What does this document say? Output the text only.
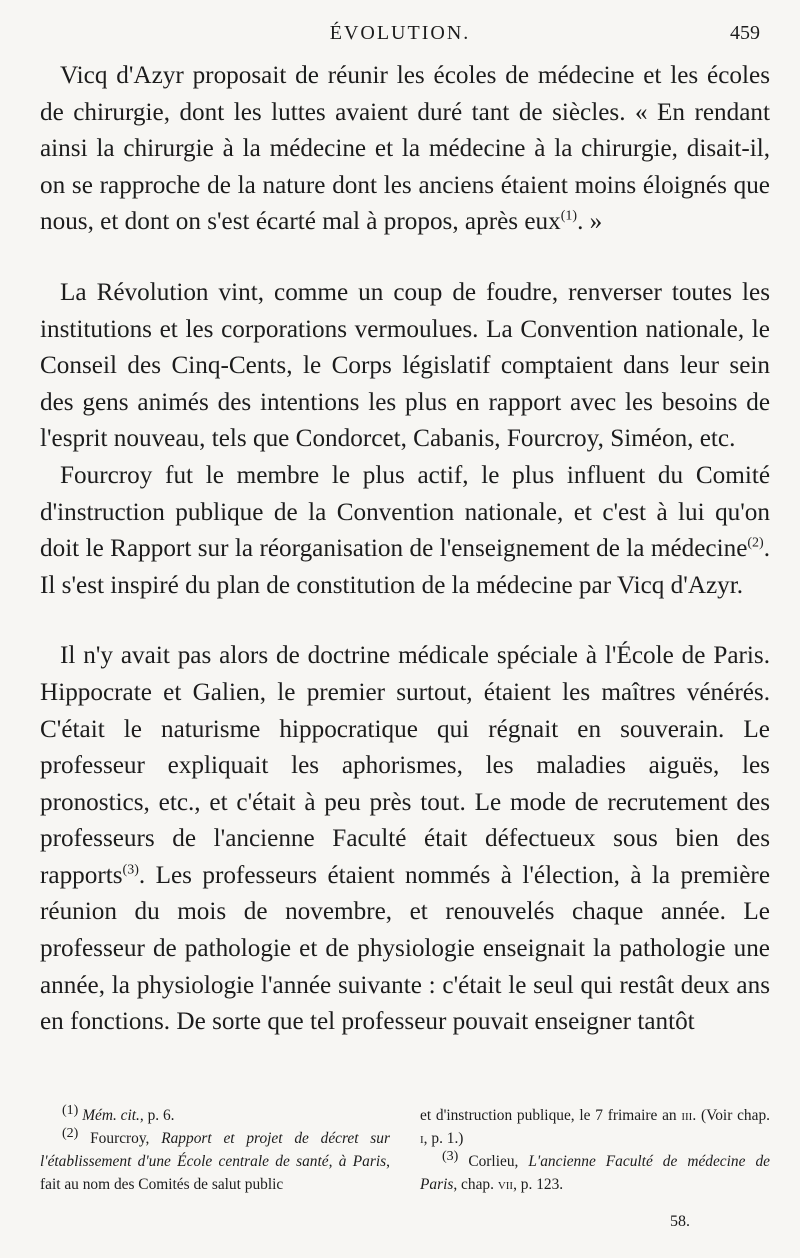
ÉVOLUTION.	459

Vicq d'Azyr proposait de réunir les écoles de médecine et les écoles de chirurgie, dont les luttes avaient duré tant de siècles. « En rendant ainsi la chirurgie à la médecine et la médecine à la chirurgie, disait-il, on se rapproche de la nature dont les anciens étaient moins éloignés que nous, et dont on s'est écarté mal à propos, après eux$^{(1)}$. »

La Révolution vint, comme un coup de foudre, renverser toutes les institutions et les corporations vermoulues. La Convention nationale, le Conseil des Cinq-Cents, le Corps législatif comptaient dans leur sein des gens animés des intentions les plus en rapport avec les besoins de l'esprit nouveau, tels que Condorcet, Cabanis, Fourcroy, Siméon, etc.

Fourcroy fut le membre le plus actif, le plus influent du Comité d'instruction publique de la Convention nationale, et c'est à lui qu'on doit le Rapport sur la réorganisation de l'enseignement de la médecine$^{(2)}$. Il s'est inspiré du plan de constitution de la médecine par Vicq d'Azyr.

Il n'y avait pas alors de doctrine médicale spéciale à l'École de Paris. Hippocrate et Galien, le premier surtout, étaient les maîtres vénérés. C'était le naturisme hippocratique qui régnait en souverain. Le professeur expliquait les aphorismes, les maladies aiguës, les pronostics, etc., et c'était à peu près tout. Le mode de recrutement des professeurs de l'ancienne Faculté était défectueux sous bien des rapports$^{(3)}$. Les professeurs étaient nommés à l'élection, à la première réunion du mois de novembre, et renouvelés chaque année. Le professeur de pathologie et de physiologie enseignait la pathologie une année, la physiologie l'année suivante : c'était le seul qui restât deux ans en fonctions. De sorte que tel professeur pouvait enseigner tantôt

$^{(1)}$ Mém. cit., p. 6.

$^{(2)}$ Fourcroy, Rapport et projet de décret sur l'établissement d'une École centrale de santé, à Paris, fait au nom des Comités de salut public

et d'instruction publique, le 7 frimaire an iii. (Voir chap. i, p. 1.)

$^{(3)}$ Corlieu, L'ancienne Faculté de médecine de Paris, chap. vii, p. 123.

58.
